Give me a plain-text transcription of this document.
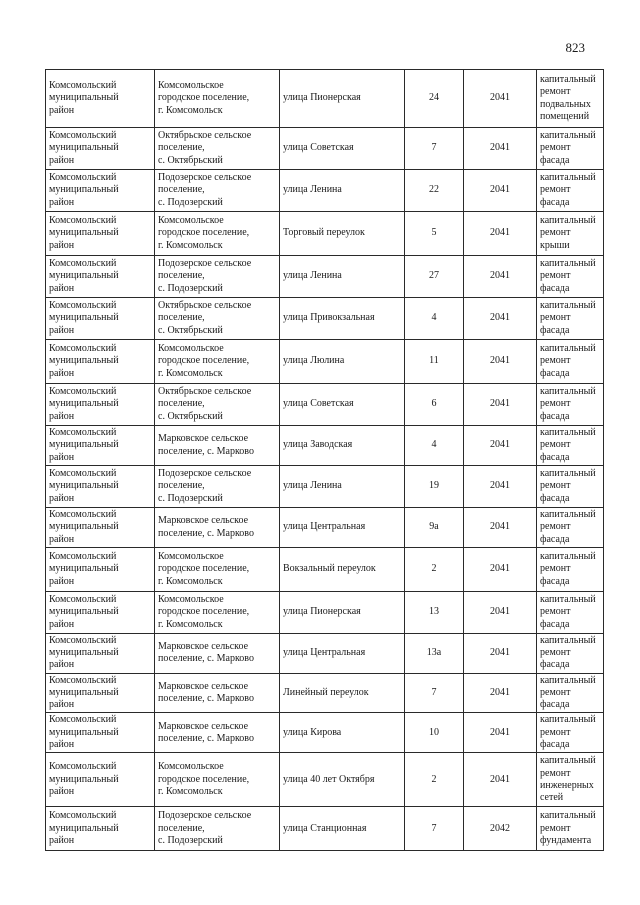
823
Комсомольский
муниципальный
район	Комсомольское
городское поселение,
г. Комсомольск	улица Пионерская	24	2041	капитальный
ремонт
подвальных
помещений

Комсомольский
муниципальный
район	Октябрьское сельское
поселение,
с. Октябрьский	улица Советская	7	2041	капитальный
ремонт фасада

Комсомольский
муниципальный
район	Подозерское сельское
поселение,
с. Подозерский	улица Ленина	22	2041	капитальный
ремонт фасада

Комсомольский
муниципальный
район	Комсомольское
городское поселение,
г. Комсомольск	Торговый переулок	5	2041	капитальный
ремонт крыши

Комсомольский
муниципальный
район	Подозерское сельское
поселение,
с. Подозерский	улица Ленина	27	2041	капитальный
ремонт фасада

Комсомольский
муниципальный
район	Октябрьское сельское
поселение,
с. Октябрьский	улица Привокзальная	4	2041	капитальный
ремонт фасада

Комсомольский
муниципальный
район	Комсомольское
городское поселение,
г. Комсомольск	улица Люлина	11	2041	капитальный
ремонт фасада

Комсомольский
муниципальный
район	Октябрьское сельское
поселение,
с. Октябрьский	улица Советская	6	2041	капитальный
ремонт фасада

Комсомольский
муниципальный
район	Марковское сельское
поселение, с. Марково	улица Заводская	4	2041	капитальный
ремонт фасада

Комсомольский
муниципальный
район	Подозерское сельское
поселение,
с. Подозерский	улица Ленина	19	2041	капитальный
ремонт фасада

Комсомольский
муниципальный
район	Марковское сельское
поселение, с. Марково	улица Центральная	9а	2041	капитальный
ремонт фасада

Комсомольский
муниципальный
район	Комсомольское
городское поселение,
г. Комсомольск	Вокзальный переулок	2	2041	капитальный
ремонт фасада

Комсомольский
муниципальный
район	Комсомольское
городское поселение,
г. Комсомольск	улица Пионерская	13	2041	капитальный
ремонт фасада

Комсомольский
муниципальный
район	Марковское сельское
поселение, с. Марково	улица Центральная	13а	2041	капитальный
ремонт фасада

Комсомольский
муниципальный
район	Марковское сельское
поселение, с. Марково	Линейный переулок	7	2041	капитальный
ремонт фасада

Комсомольский
муниципальный
район	Марковское сельское
поселение, с. Марково	улица Кирова	10	2041	капитальный
ремонт фасада

Комсомольский
муниципальный
район	Комсомольское
городское поселение,
г. Комсомольск	улица 40 лет Октября	2	2041	капитальный
ремонт
инженерных
сетей

Комсомольский
муниципальный
район	Подозерское сельское
поселение,
с. Подозерский	улица Станционная	7	2042	капитальный
ремонт
фундамента
